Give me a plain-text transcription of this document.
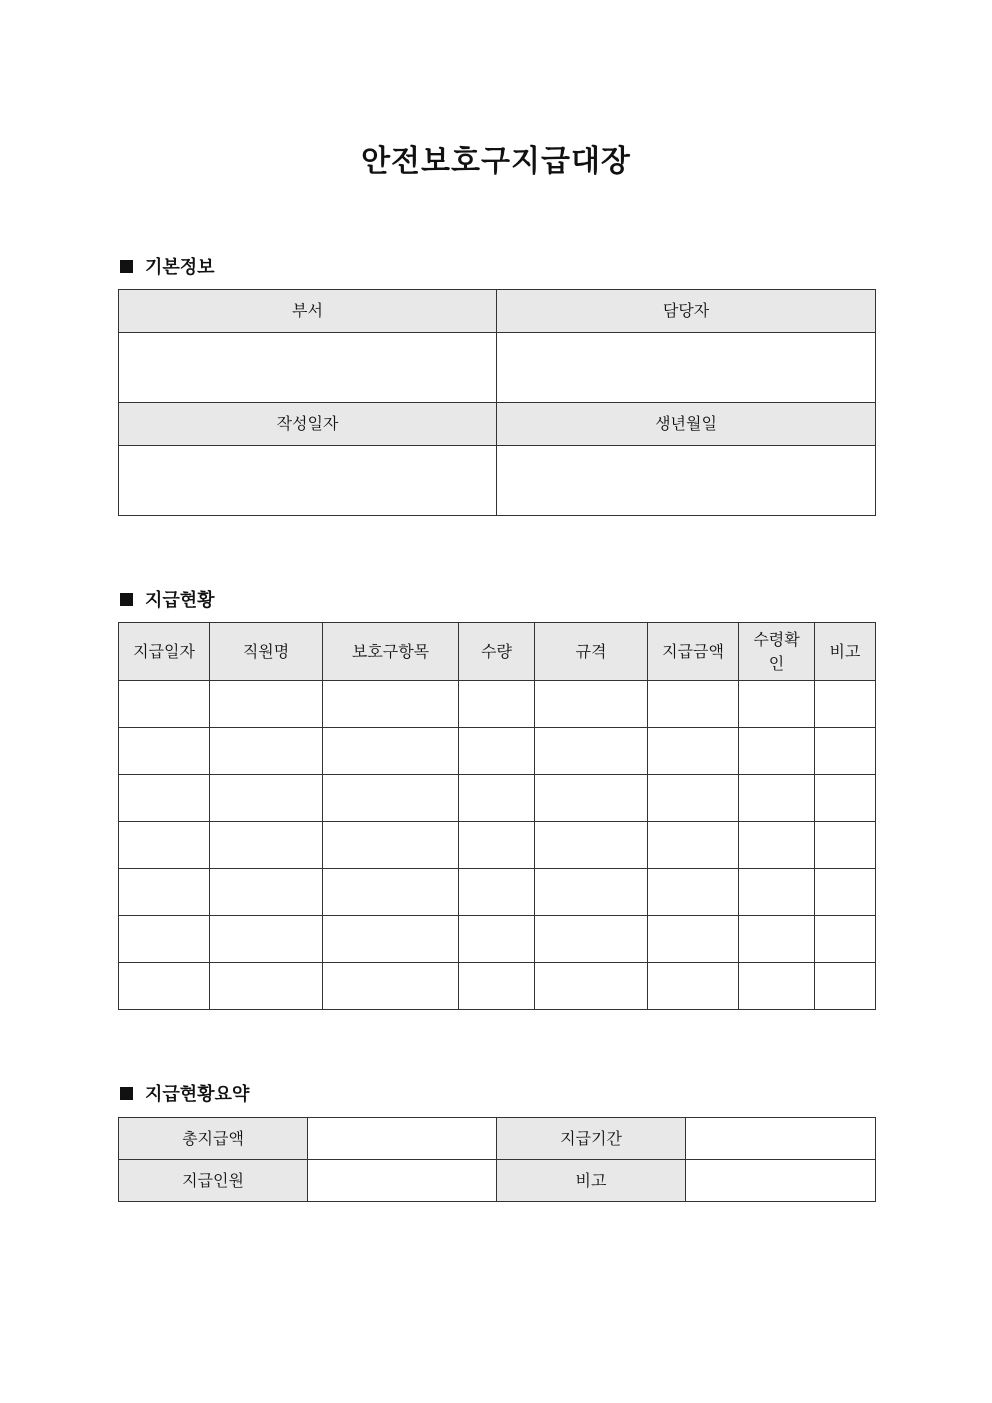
안전보호구지급대장
기본정보
부서	담당자

작성일자	생년월일

지급현황
지급일자	직원명	보호구항목	수량	규격	지급금액	수령확인	비고

지급현황요약
총지급액		지급기간	
지급인원		비고	
